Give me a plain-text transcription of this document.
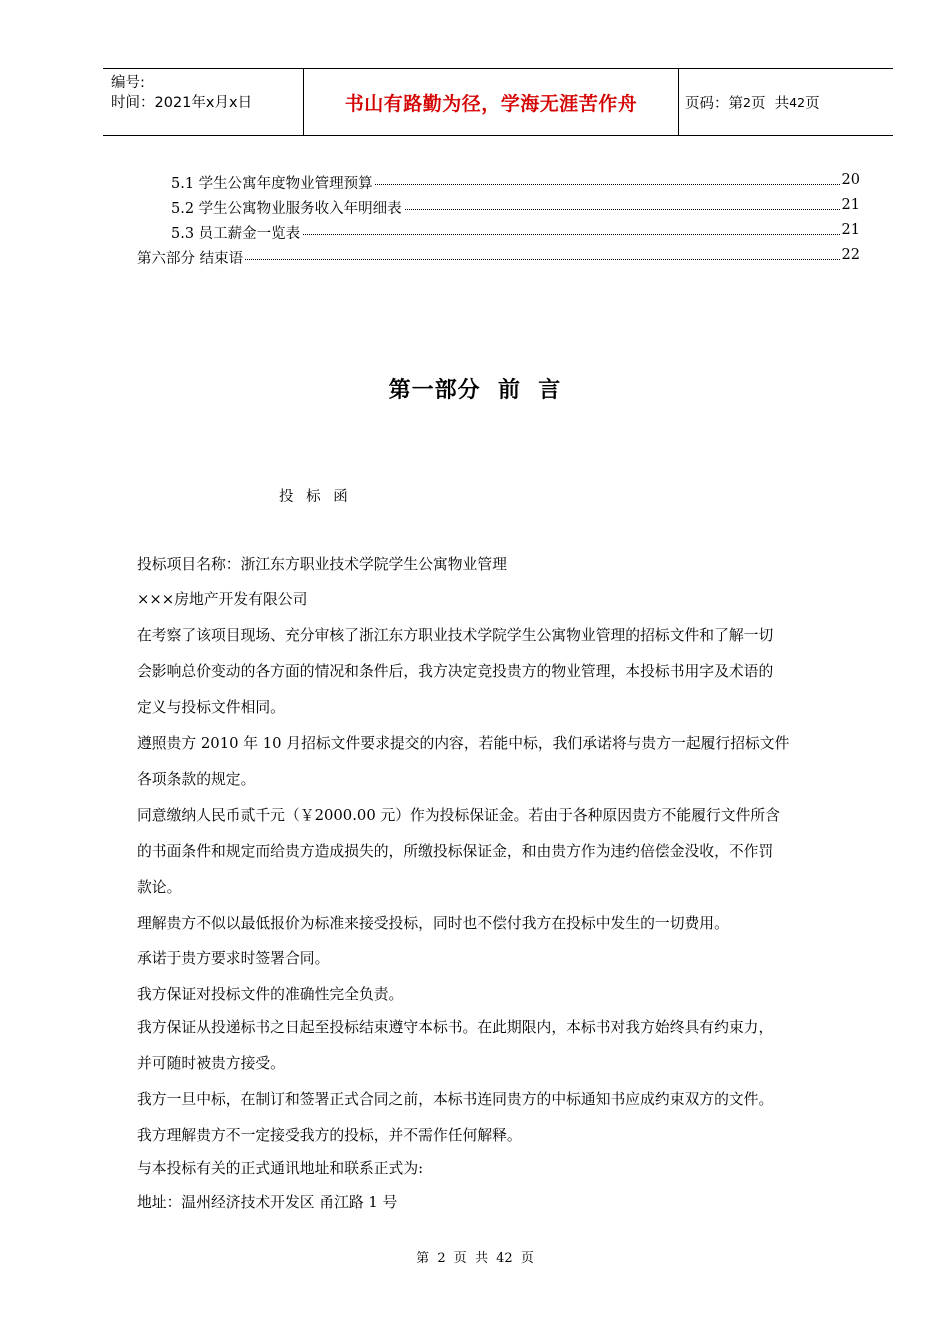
编号:
时间：2021年x月x日	书山有路勤为径，学海无涯苦作舟	页码：第 2 页  共 42 页
5.1 学生公寓年度物业管理预算	20
5.2 学生公寓物业服务收入年明细表	21
5.3 员工薪金一览表	21
第六部分 结束语	22
第一部分  前  言
投 标 函
投标项目名称：浙江东方职业技术学院学生公寓物业管理
×××房地产开发有限公司
在考察了该项目现场、充分审核了浙江东方职业技术学院学生公寓物业管理的招标文件和了解一切
会影响总价变动的各方面的情况和条件后，我方决定竞投贵方的物业管理，本投标书用字及术语的
定义与投标文件相同。
遵照贵方 2010 年 10 月招标文件要求提交的内容，若能中标，我们承诺将与贵方一起履行招标文件
各项条款的规定。
同意缴纳人民币贰千元（￥2000.00 元）作为投标保证金。若由于各种原因贵方不能履行文件所含
的书面条件和规定而给贵方造成损失的，所缴投标保证金，和由贵方作为违约倍偿金没收，不作罚
款论。
理解贵方不似以最低报价为标准来接受投标，同时也不偿付我方在投标中发生的一切费用。
承诺于贵方要求时签署合同。
我方保证对投标文件的准确性完全负责。
我方保证从投递标书之日起至投标结束遵守本标书。在此期限内，本标书对我方始终具有约束力，
并可随时被贵方接受。
我方一旦中标，在制订和签署正式合同之前，本标书连同贵方的中标通知书应成约束双方的文件。
我方理解贵方不一定接受我方的投标，并不需作任何解释。
与本投标有关的正式通讯地址和联系正式为:
地址：温州经济技术开发区 甬江路 1 号
第 2 页  共 42 页
